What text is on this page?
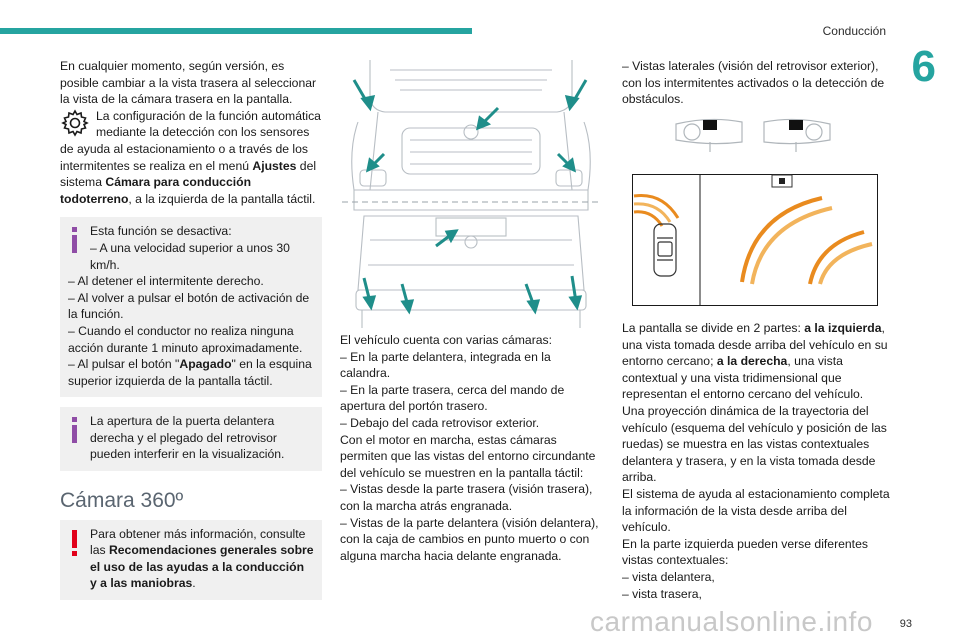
Conducción
6

En cualquier momento, según versión, es posible cambiar a la vista trasera al seleccionar la vista de la cámara trasera en la pantalla.

La configuración de la función automática
mediante la detección con los sensores de ayuda al estacionamiento o a través de los intermitentes se realiza en el menú Ajustes del sistema Cámara para conducción todoterreno, a la izquierda de la pantalla táctil.
Esta función se desactiva:
– A una velocidad superior a unos 30 km/h.
– Al detener el intermitente derecho.
– Al volver a pulsar el botón de activación de la función.
– Cuando el conductor no realiza ninguna acción durante 1 minuto aproximadamente.
– Al pulsar el botón "Apagado" en la esquina superior izquierda de la pantalla táctil.
La apertura de la puerta delantera derecha y el plegado del retrovisor pueden interferir en la visualización.
Cámara 360º
Para obtener más información, consulte las Recomendaciones generales sobre el uso de las ayudas a la conducción y a las maniobras.

El vehículo cuenta con varias cámaras:

– En la parte delantera, integrada en la calandra.

– En la parte trasera, cerca del mando de apertura del portón trasero.

– Debajo del cada retrovisor exterior.

Con el motor en marcha, estas cámaras permiten que las vistas del entorno circundante del vehículo se muestren en la pantalla táctil:

– Vistas desde la parte trasera (visión trasera), con la marcha atrás engranada.

– Vistas de la parte delantera (visión delantera), con la caja de cambios en punto muerto o con alguna marcha hacia delante engranada.

– Vistas laterales (visión del retrovisor exterior), con los intermitentes activados o la detección de obstáculos.

La pantalla se divide en 2 partes: a la izquierda, una vista tomada desde arriba del vehículo en su entorno cercano; a la derecha, una vista contextual y una vista tridimensional que representan el entorno cercano del vehículo.

Una proyección dinámica de la trayectoria del vehículo (esquema del vehículo y posición de las ruedas) se muestra en las vistas contextuales delantera y trasera, y en la vista tomada desde arriba.

El sistema de ayuda al estacionamiento completa la información de la vista desde arriba del vehículo.

En la parte izquierda pueden verse diferentes vistas contextuales:

– vista delantera,

– vista trasera,

carmanualsonline.info 93
